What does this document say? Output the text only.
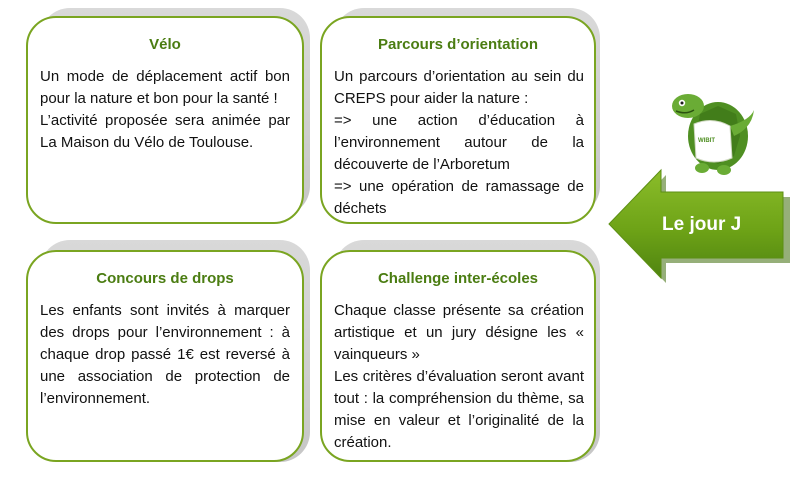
Vélo

Un mode de déplacement actif bon pour la nature et bon pour la santé !

L’activité proposée sera animée par La Maison du Vélo de Toulouse.

Parcours d’orientation

Un parcours d’orientation au sein du CREPS pour aider la nature :

=> une action d’éducation à l’environnement autour de la découverte de l’Arboretum

=> une opération de ramassage de déchets

Concours de drops

Les enfants sont invités à marquer des drops pour l’environnement : à chaque drop passé 1€ est reversé à une association de protection de l’environnement.

Challenge inter-écoles

Chaque classe présente sa création artistique et un jury désigne les « vainqueurs »

Les critères d’évaluation seront avant tout : la compréhension du thème, sa mise en valeur et l’originalité de la création.

Le jour J
WIBIT
